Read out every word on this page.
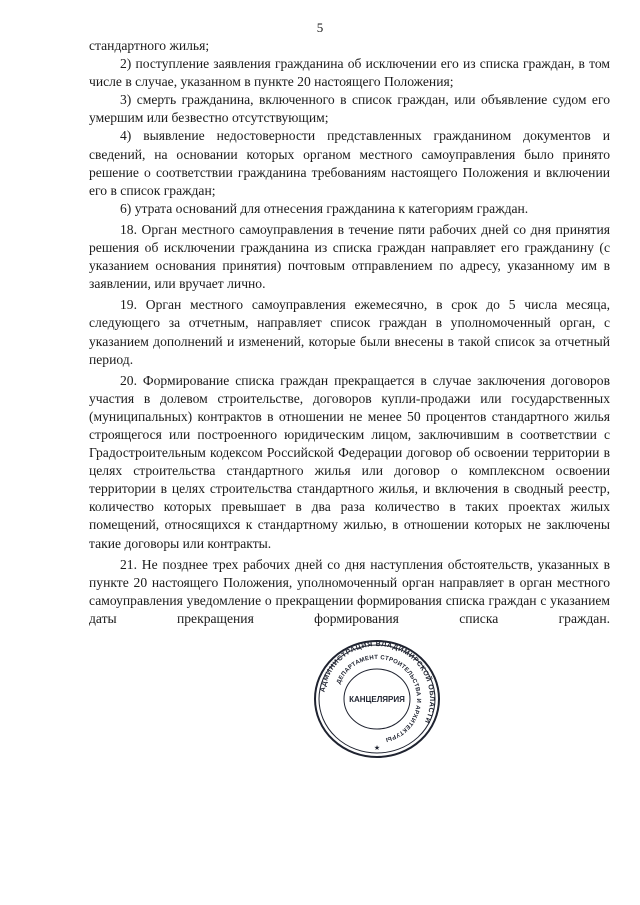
5

стандартного жилья;

2) поступление заявления гражданина об исключении его из списка граждан, в том числе в случае, указанном в пункте 20 настоящего Положения;

3) смерть гражданина, включенного в список граждан, или объявление судом его умершим или безвестно отсутствующим;

4) выявление недостоверности представленных гражданином документов и сведений, на основании которых органом местного самоуправления было принято решение о соответствии гражданина требованиям настоящего Положения и включении его в список граждан;

6) утрата оснований для отнесения гражданина к категориям граждан.

18. Орган местного самоуправления в течение пяти рабочих дней со дня принятия решения об исключении гражданина из списка граждан направляет его гражданину (с указанием основания принятия) почтовым отправлением по адресу, указанному им в заявлении, или вручает лично.

19. Орган местного самоуправления ежемесячно, в срок до 5 числа месяца, следующего за отчетным, направляет список граждан в уполномоченный орган, с указанием дополнений и изменений, которые были внесены в такой список за отчетный период.

20. Формирование списка граждан прекращается в случае заключения договоров участия в долевом строительстве, договоров купли-продажи или государственных (муниципальных) контрактов в отношении не менее 50 процентов стандартного жилья строящегося или построенного юридическим лицом, заключившим в соответствии с Градостроительным кодексом Российской Федерации договор об освоении территории в целях строительства стандартного жилья или договор о комплексном освоении территории в целях строительства стандартного жилья, и включения в сводный реестр, количество которых превышает в два раза количество в таких проектах жилых помещений, относящихся к стандартному жилью, в отношении которых не заключены такие договоры или контракты.

21. Не позднее трех рабочих дней со дня наступления обстоятельств, указанных в пункте 20 настоящего Положения, уполномоченный орган направляет в орган местного самоуправления уведомление о прекращении формирования списка граждан с указанием даты прекращения формирования списка граждан.

АДМИНИСТРАЦИЯ ВЛАДИМИРСКОЙ ОБЛАСТИ
ДЕПАРТАМЕНТ СТРОИТЕЛЬСТВА И АРХИТЕКТУРЫ
КАНЦЕЛЯРИЯ
★
